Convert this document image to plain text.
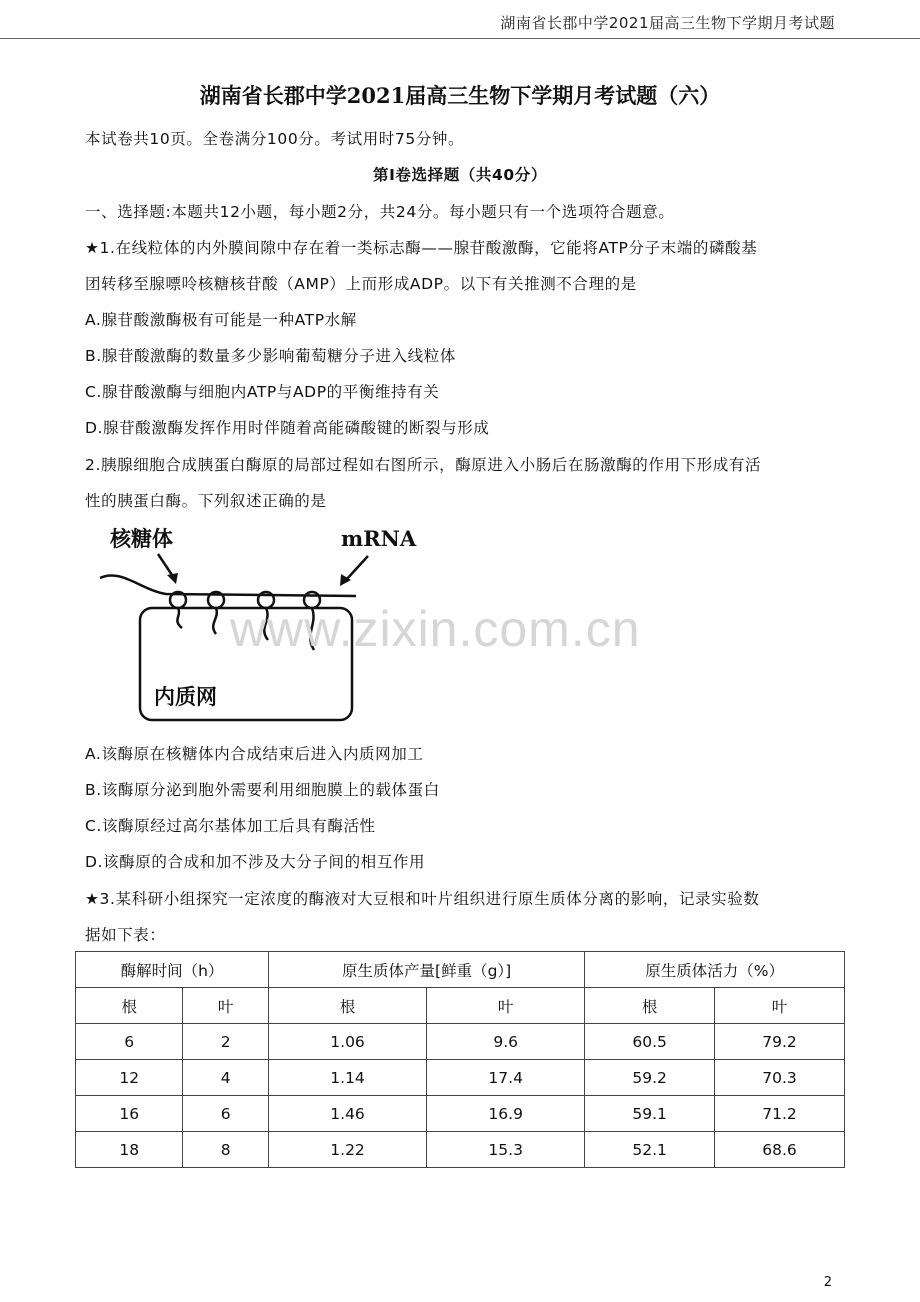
湖南省长郡中学2021届高三生物下学期月考试题
湖南省长郡中学2021届高三生物下学期月考试题（六）
本试卷共10页。全卷满分100分。考试用时75分钟。
第Ⅰ卷选择题（共40分）
一、选择题:本题共12小题，每小题2分，共24分。每小题只有一个选项符合题意。
★1.在线粒体的内外膜间隙中存在着一类标志酶——腺苷酸激酶，它能将ATP分子末端的磷酸基
团转移至腺嘌呤核糖核苷酸（AMP）上而形成ADP。以下有关推测不合理的是
A.腺苷酸激酶极有可能是一种ATP水解
B.腺苷酸激酶的数量多少影响葡萄糖分子进入线粒体
C.腺苷酸激酶与细胞内ATP与ADP的平衡维持有关
D.腺苷酸激酶发挥作用时伴随着高能磷酸键的断裂与形成
2.胰腺细胞合成胰蛋白酶原的局部过程如右图所示，酶原进入小肠后在肠激酶的作用下形成有活
性的胰蛋白酶。下列叙述正确的是
核糖体	mRNA
内质网
www.zixin.com.cn
A.该酶原在核糖体内合成结束后进入内质网加工
B.该酶原分泌到胞外需要利用细胞膜上的载体蛋白
C.该酶原经过高尔基体加工后具有酶活性
D.该酶原的合成和加不涉及大分子间的相互作用
★3.某科研小组探究一定浓度的酶液对大豆根和叶片组织进行原生质体分离的影响，记录实验数
据如下表：
酶解时间（h）		原生质体产量[鲜重（g）]		原生质体活力（%）	
根	叶	根	叶	根	叶
6	2	1.06	9.6	60.5	79.2
12	4	1.14	17.4	59.2	70.3
16	6	1.46	16.9	59.1	71.2
18	8	1.22	15.3	52.1	68.6
2
